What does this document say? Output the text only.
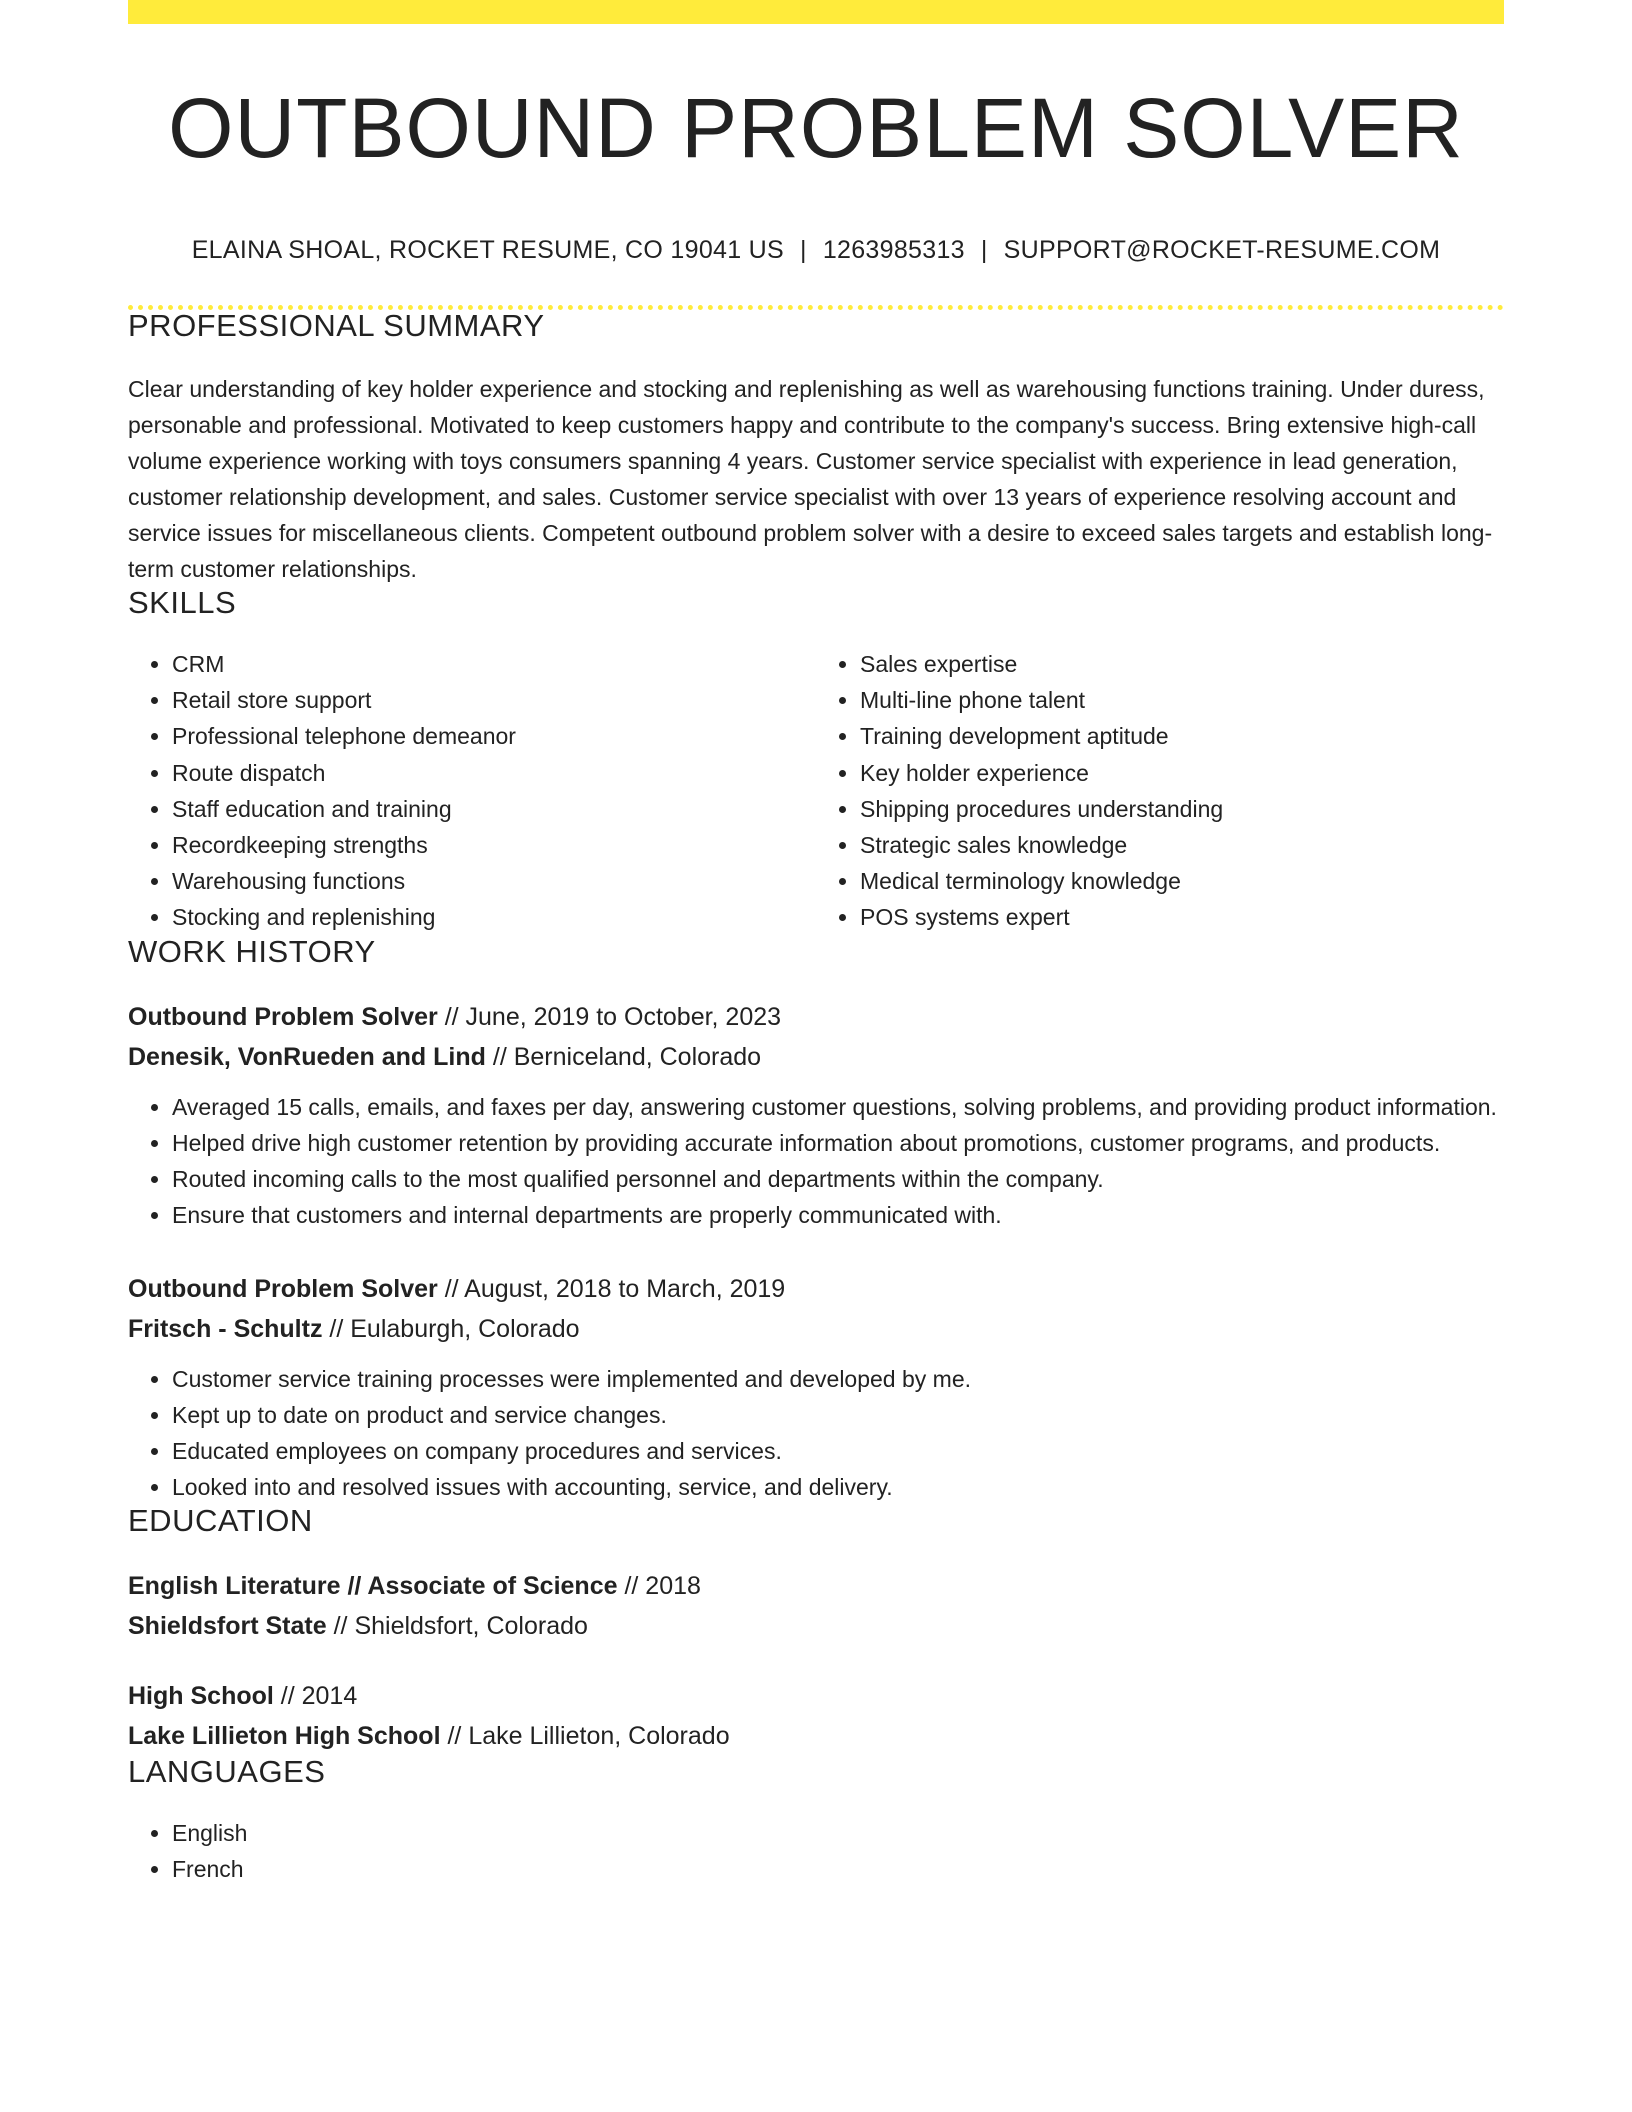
OUTBOUND PROBLEM SOLVER
ELAINA SHOAL, ROCKET RESUME, CO 19041 US | 1263985313 | SUPPORT@ROCKET-RESUME.COM
PROFESSIONAL SUMMARY

Clear understanding of key holder experience and stocking and replenishing as well as warehousing functions training. Under duress, personable and professional. Motivated to keep customers happy and contribute to the company's success. Bring extensive high-call volume experience working with toys consumers spanning 4 years. Customer service specialist with experience in lead generation, customer relationship development, and sales. Customer service specialist with over 13 years of experience resolving account and service issues for miscellaneous clients. Competent outbound problem solver with a desire to exceed sales targets and establish long-term customer relationships.

SKILLS
• CRM
• Retail store support
• Professional telephone demeanor
• Route dispatch
• Staff education and training
• Recordkeeping strengths
• Warehousing functions
• Stocking and replenishing
• Sales expertise
• Multi-line phone talent
• Training development aptitude
• Key holder experience
• Shipping procedures understanding
• Strategic sales knowledge
• Medical terminology knowledge
• POS systems expert
WORK HISTORY
Outbound Problem Solver // June, 2019 to October, 2023
Denesik, VonRueden and Lind // Berniceland, Colorado
• Averaged 15 calls, emails, and faxes per day, answering customer questions, solving problems, and providing product information.
• Helped drive high customer retention by providing accurate information about promotions, customer programs, and products.
• Routed incoming calls to the most qualified personnel and departments within the company.
• Ensure that customers and internal departments are properly communicated with.
Outbound Problem Solver // August, 2018 to March, 2019
Fritsch - Schultz // Eulaburgh, Colorado
• Customer service training processes were implemented and developed by me.
• Kept up to date on product and service changes.
• Educated employees on company procedures and services.
• Looked into and resolved issues with accounting, service, and delivery.
EDUCATION
English Literature // Associate of Science // 2018
Shieldsfort State // Shieldsfort, Colorado
High School // 2014
Lake Lillieton High School // Lake Lillieton, Colorado
LANGUAGES
• English
• French
